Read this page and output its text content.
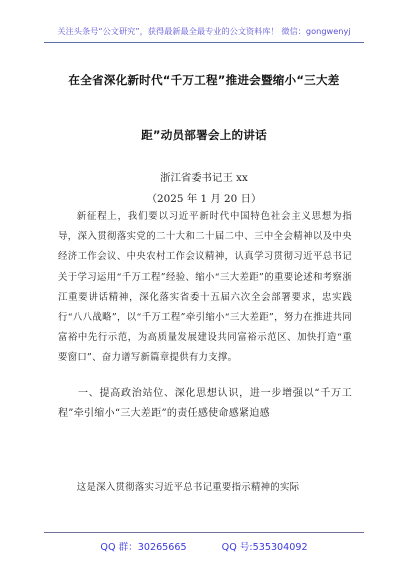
关注头条号“公文研究”，获得最新最全最专业的公文资料库！ 微信：gongwenyj
在全省深化新时代“千万工程”推进会暨缩小“三大差
距”动员部署会上的讲话
浙江省委书记王 xx
（2025 年 1 月 20 日）

新征程上，我们要以习近平新时代中国特色社会主义思想为指导，深入贯彻落实党的二十大和二十届二中、三中全会精神以及中央经济工作会议、中央农村工作会议精神，认真学习贯彻习近平总书记关于学习运用“千万工程”经验、缩小“三大差距”的重要论述和考察浙江重要讲话精神，深化落实省委十五届六次全会部署要求，忠实践行“八八战略”，以“千万工程”牵引缩小“三大差距”，努力在推进共同富裕中先行示范，为高质量发展建设共同富裕示范区、加快打造“重要窗口”、奋力谱写新篇章提供有力支撑。

一、提高政治站位、深化思想认识，进一步增强以“千万工程”牵引缩小“三大差距”的责任感使命感紧迫感

这是深入贯彻落实习近平总书记重要指示精神的实际

QQ 群：30265665	QQ 号:535304092
